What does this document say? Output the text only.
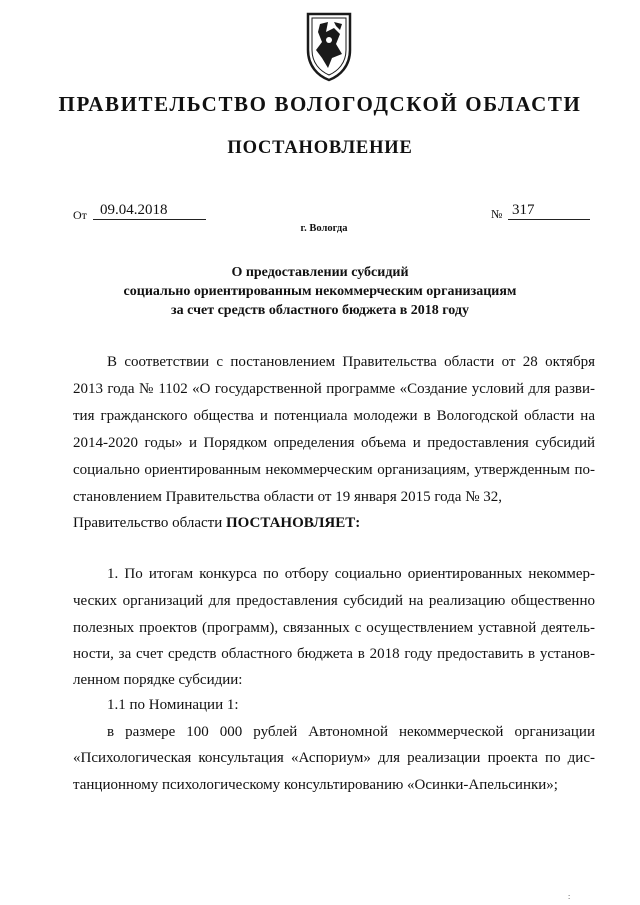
ПРАВИТЕЛЬСТВО ВОЛОГОДСКОЙ ОБЛАСТИ
ПОСТАНОВЛЕНИЕ
От 09.04.2018	№ 317
г. Вологда
О предоставлении субсидий
социально ориентированным некоммерческим организациям
за счет средств областного бюджета в 2018 году
В соответствии с постановлением Правительства области от 28 октября
2013 года № 1102 «О государственной программе «Создание условий для разви-
тия гражданского общества и потенциала молодежи в Вологодской области на
2014-2020 годы» и Порядком определения объема и предоставления субсидий
социально ориентированным некоммерческим организациям, утвержденным по-
становлением Правительства области от 19 января 2015 года № 32,
Правительство области ПОСТАНОВЛЯЕТ:
1. По итогам конкурса по отбору социально ориентированных некоммер-
ческих организаций для предоставления субсидий на реализацию общественно
полезных проектов (программ), связанных с осуществлением уставной деятель-
ности, за счет средств областного бюджета в 2018 году предоставить в установ-
ленном порядке субсидии:
1.1 по Номинации 1:
в размере 100 000 рублей Автономной некоммерческой организации
«Психологическая консультация «Аспориум» для реализации проекта по дис-
танционному психологическому консультированию «Осинки-Апельсинки»;
:
